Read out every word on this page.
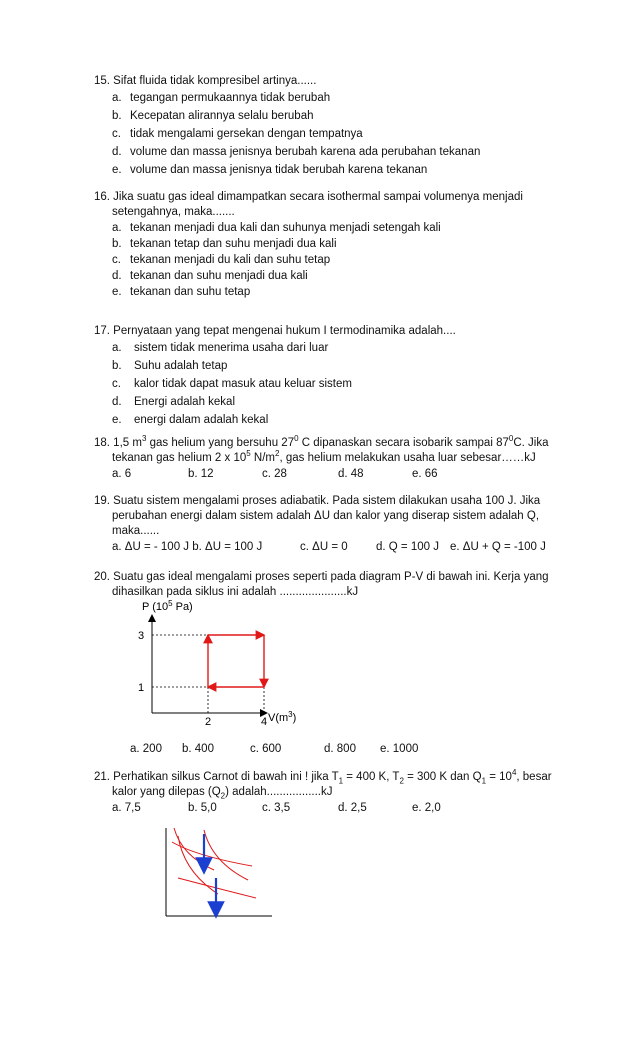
15. Sifat fluida tidak kompresibel artinya......
a. tegangan permukaannya tidak berubah
b. Kecepatan alirannya selalu berubah
c. tidak mengalami gersekan dengan tempatnya
d. volume dan massa jenisnya berubah karena ada perubahan tekanan
e. volume dan massa jenisnya tidak berubah karena tekanan
16. Jika suatu gas ideal dimampatkan secara isothermal sampai volumenya menjadi
setengahnya, maka.......
a. tekanan menjadi dua kali dan suhunya menjadi setengah kali
b. tekanan tetap dan suhu menjadi dua kali
c. tekanan menjadi du kali dan suhu tetap
d. tekanan dan suhu menjadi dua kali
e. tekanan dan suhu tetap
17. Pernyataan yang tepat mengenai hukum I termodinamika adalah....
a. sistem tidak menerima usaha dari luar
b. Suhu adalah tetap
c. kalor tidak dapat masuk atau keluar sistem
d. Energi adalah kekal
e. energi dalam adalah kekal
18. 1,5 $m^3$ gas helium yang bersuhu $27^0$ C dipanaskan secara isobarik sampai $87^0C$. Jika
tekanan gas helium 2 x $10^5$ $N/m^2$, gas helium melakukan usaha luar sebesar……kJ
a. 6	b. 12	c. 28	d. 48	e. 66
19. Suatu sistem mengalami proses adiabatik. Pada sistem dilakukan usaha 100 J. Jika
perubahan energi dalam sistem adalah ΔU dan kalor yang diserap sistem adalah Q,
maka......
a. ΔU = - 100 J b. ΔU = 100 J	c. ΔU = 0 d. Q = 100 J e. ΔU + Q = -100 J
20. Suatu gas ideal mengalami proses seperti pada diagram P-V di bawah ini. Kerja yang
dihasilkan pada siklus ini adalah .....................kJ
P ($10^5$ Pa)
$V(m^3)$
3
1
2	4
a. 200 b. 400	c. 600	d. 800 e. 1000
21. Perhatikan silkus Carnot di bawah ini ! jika $T_1 = 400$ K, $T_2 = 300$ K dan $Q_1 = 10^4$, besar
kalor yang dilepas $(Q_2)$ adalah.................kJ
a. 7,5	b. 5,0	c. 3,5	d. 2,5	e. 2,0
